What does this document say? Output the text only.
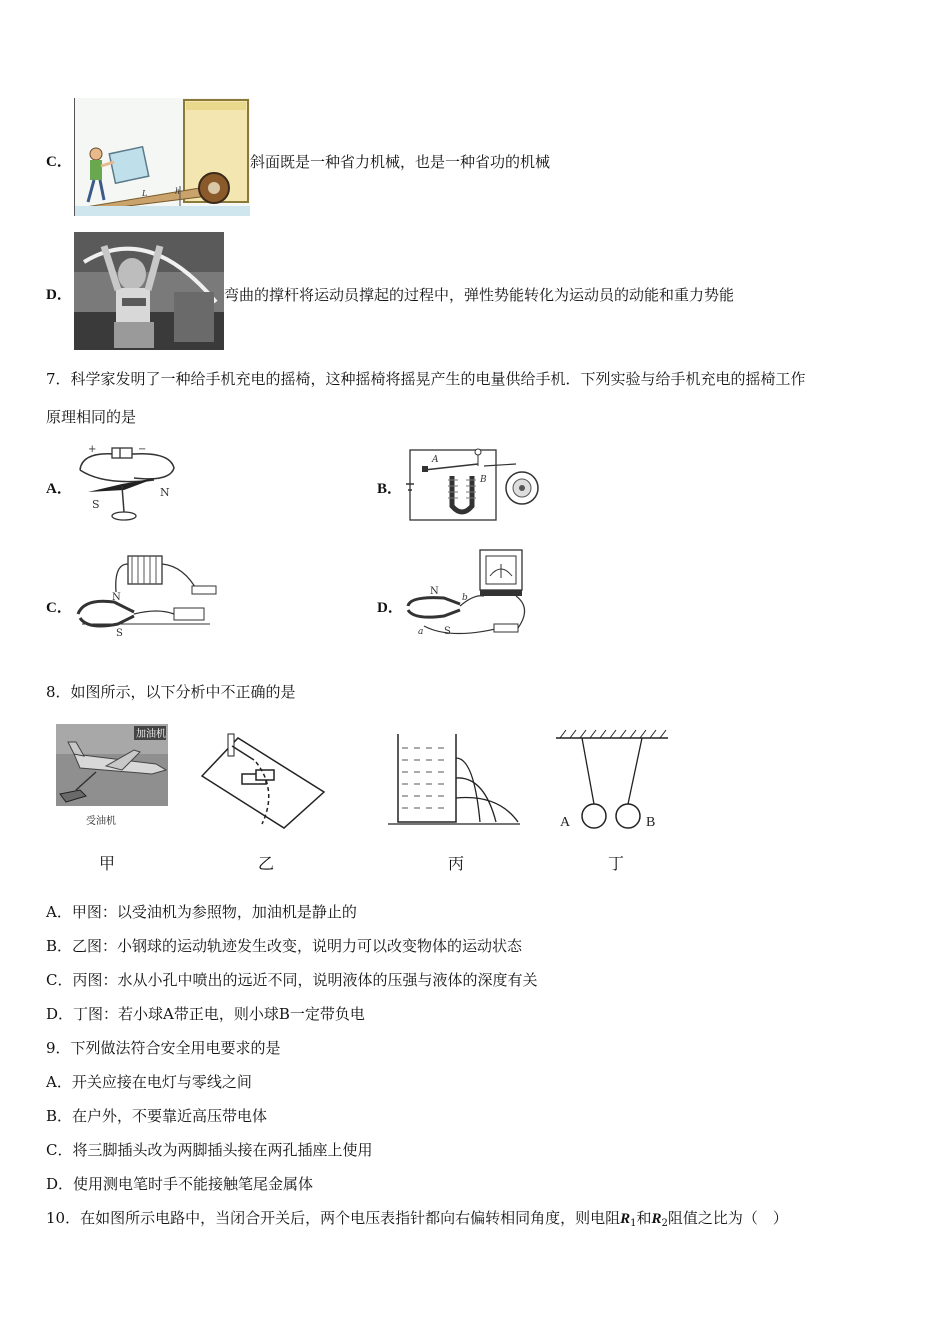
C．
L	h
斜面既是一种省力机械，也是一种省功的机械
D．	弯曲的撑杆将运动员撑起的过程中，弹性势能转化为运动员的动能和重力势能
7．科学家发明了一种给手机充电的摇椅，这种摇椅将摇晃产生的电量供给手机．下列实验与给手机充电的摇椅工作
原理相同的是
A．
+	−
S
N	B．
A
B
C．
N
S
D．
N
S
a
b
8．如图所示，以下分析中不正确的是
加油机
受油机	A	B
甲	乙	丙	丁
A．甲图：以受油机为参照物，加油机是静止的
B．乙图：小钢球的运动轨迹发生改变，说明力可以改变物体的运动状态
C．丙图：水从小孔中喷出的远近不同，说明液体的压强与液体的深度有关
D．丁图：若小球A带正电，则小球B一定带负电
9．下列做法符合安全用电要求的是
A．开关应接在电灯与零线之间
B．在户外，不要靠近高压带电体
C．将三脚插头改为两脚插头接在两孔插座上使用
D．使用测电笔时手不能接触笔尾金属体
10．在如图所示电路中，当闭合开关后，两个电压表指针都向右偏转相同角度，则电阻$R_1$和$R_2$阻值之比为（　）
